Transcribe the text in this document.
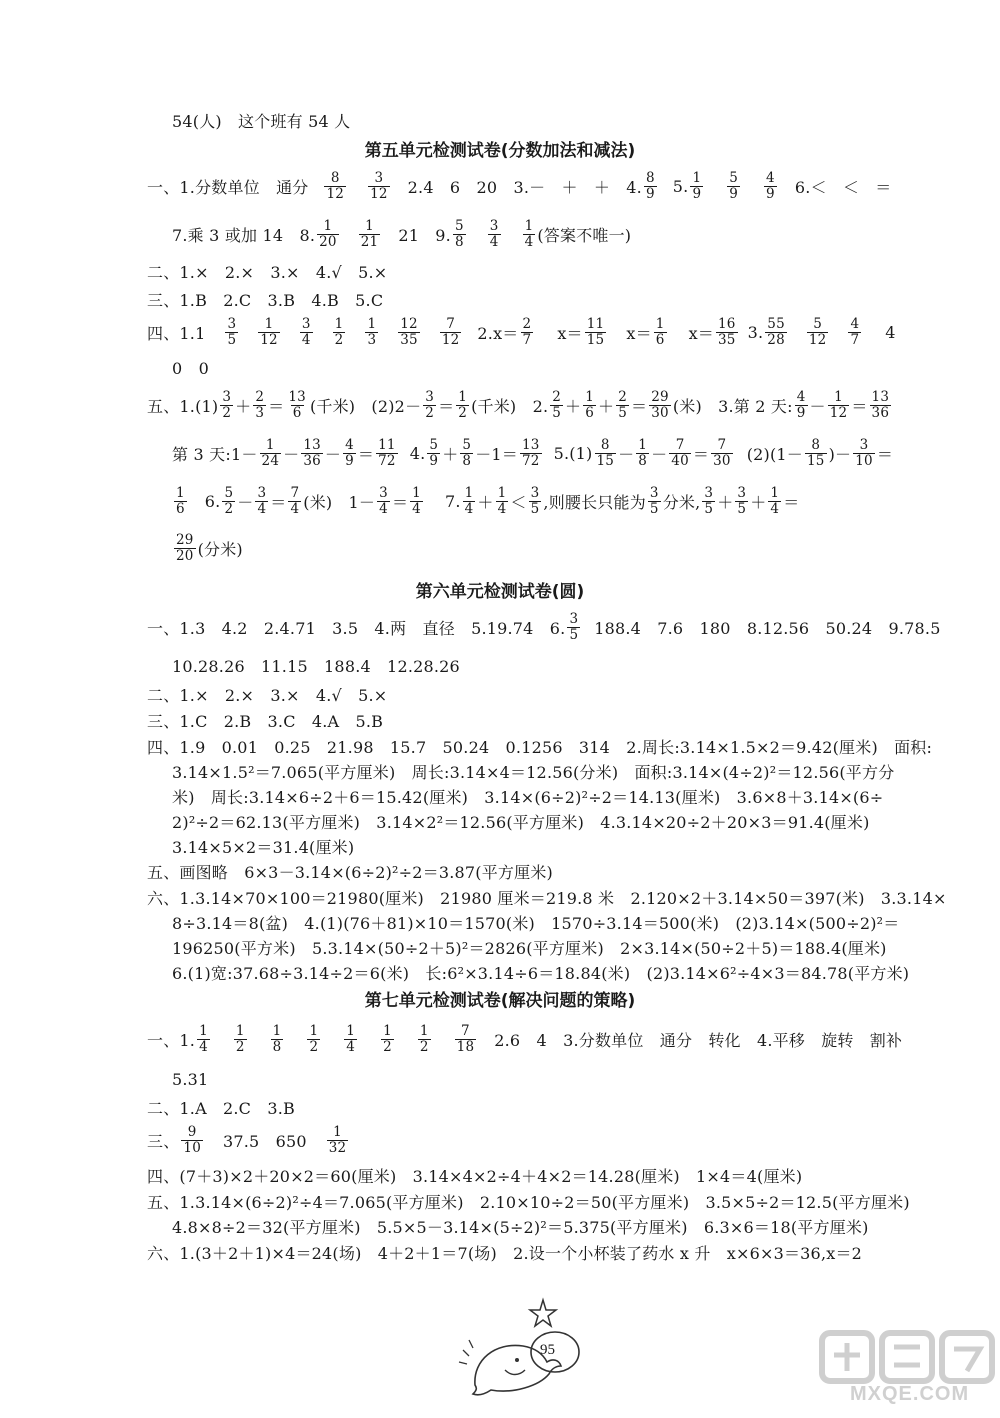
54(人)　这个班有 54 人
第五单元检测试卷(分数加法和减法)
一、1.分数单位　通分 $\frac{8}{12} \frac{3}{12} 2.4$　6　20　3.－　＋　＋　4. $\frac{8}{9} 5$. $\frac{1}{9} \frac{5}{9} \frac{4}{9} 6.<$　＜　＝
7.乘 3 或加 14　8. $\frac{1}{20} \frac{1}{21} 21$　9. $\frac{5}{8} \frac{3}{4} \frac{1}{4}$ (答案不唯一)
二、1.×　2.×　3.×　4.√　5.×
三、1.B　2.C　3.B　4.B　5.C
四、$1.1 \frac{3}{5} \frac{1}{12} \frac{3}{4} \frac{1}{2} \frac{1}{3} \frac{12}{35} \frac{7}{12} 2.x= \frac{2}{7} x= \frac{11}{15} x= \frac{1}{6} x= \frac{16}{35} 3$. $\frac{55}{28} \frac{5}{12} \frac{4}{7} 4$
0　0
五、$1.(1) \frac{3}{2} + \frac{2}{3} = \frac{13}{6}$ (千米)　$(2)2- \frac{3}{2} = \frac{1}{2}$ (千米)　2. $\frac{2}{5} + \frac{1}{6} + \frac{2}{5} = \frac{29}{30}$ (米)　3.第 2 天: $\frac{4}{9} - \frac{1}{12} = \frac{13}{36}$
第 3 天:1－ $\frac{1}{24} - \frac{13}{36} - \frac{4}{9} = \frac{11}{72} 4$. $\frac{5}{9} + \frac{5}{8} -1= \frac{13}{72} 5.(1) \frac{8}{15} - \frac{1}{8} - \frac{7}{40} = \frac{7}{30} (2)(1- \frac{8}{15}$ )－ $\frac{3}{10}$ ＝
$\frac{1}{6} 6$. $\frac{5}{2} - \frac{3}{4} = \frac{7}{4}$ (米)　$1- \frac{3}{4} = \frac{1}{4} 7$. $\frac{1}{4} + \frac{1}{4} < \frac{3}{5}$ ,则腰长只能为 $\frac{3}{5}$ 分米, $\frac{3}{5} + \frac{3}{5} + \frac{1}{4}$ ＝
$\frac{29}{20}$ (分米)
第六单元检测试卷(圆)
一、1.3　4.2　2.4.71　3.5　4.两　直径　5.19.74　6. $\frac{3}{5} 188.4$　7.6　180　8.12.56　50.24　9.78.5
10.28.26　11.15　188.4　12.28.26
二、1.×　2.×　3.×　4.√　5.×
三、1.C　2.B　3.C　4.A　5.B
四、1.9　0.01　0.25　21.98　15.7　50.24　0.1256　314　2.周长:3.14×1.5×2＝9.42(厘米)　面积:
3.14×1.5²＝7.065(平方厘米)　周长:3.14×4＝12.56(分米)　面积:3.14×(4÷2)²＝12.56(平方分
米)　周长:3.14×6÷2＋6＝15.42(厘米)　3.14×(6÷2)²÷2＝14.13(厘米)　3.6×8＋3.14×(6÷
2)²÷2＝62.13(平方厘米)　3.14×2²＝12.56(平方厘米)　4.3.14×20÷2＋20×3＝91.4(厘米)
3.14×5×2＝31.4(厘米)
五、画图略　6×3－3.14×(6÷2)²÷2＝3.87(平方厘米)
六、1.3.14×70×100＝21980(厘米)　21980 厘米＝219.8 米　2.120×2＋3.14×50＝397(米)　3.3.14×
8÷3.14＝8(盆)　4.(1)(76＋81)×10＝1570(米)　1570÷3.14＝500(米)　(2)3.14×(500÷2)²＝
196250(平方米)　5.3.14×(50÷2＋5)²＝2826(平方厘米)　2×3.14×(50÷2＋5)＝188.4(厘米)
6.(1)宽:37.68÷3.14÷2＝6(米)　长:6²×3.14÷6＝18.84(米)　(2)3.14×6²÷4×3＝84.78(平方米)
第七单元检测试卷(解决问题的策略)
一、1. $\frac{1}{4} \frac{1}{2} \frac{1}{8} \frac{1}{2} \frac{1}{4} \frac{1}{2} \frac{1}{2} \frac{7}{18} 2.6$　4　3.分数单位　通分　转化　4.平移　旋转　割补
5.31
二、1.A　2.C　3.B
三、 $\frac{9}{10} 37.5$　$650 \frac{1}{32}$
四、(7＋3)×2＋20×2＝60(厘米)　3.14×4×2÷4＋4×2＝14.28(厘米)　1×4＝4(厘米)
五、1.3.14×(6÷2)²÷4＝7.065(平方厘米)　2.10×10÷2＝50(平方厘米)　3.5×5÷2＝12.5(平方厘米)
4.8×8÷2＝32(平方厘米)　5.5×5－3.14×(5÷2)²＝5.375(平方厘米)　6.3×6＝18(平方厘米)
六、1.(3＋2＋1)×4＝24(场)　4＋2＋1＝7(场)　2.设一个小杯装了药水 x 升　x×6×3＝36,x＝2
95
MXQE.COM
